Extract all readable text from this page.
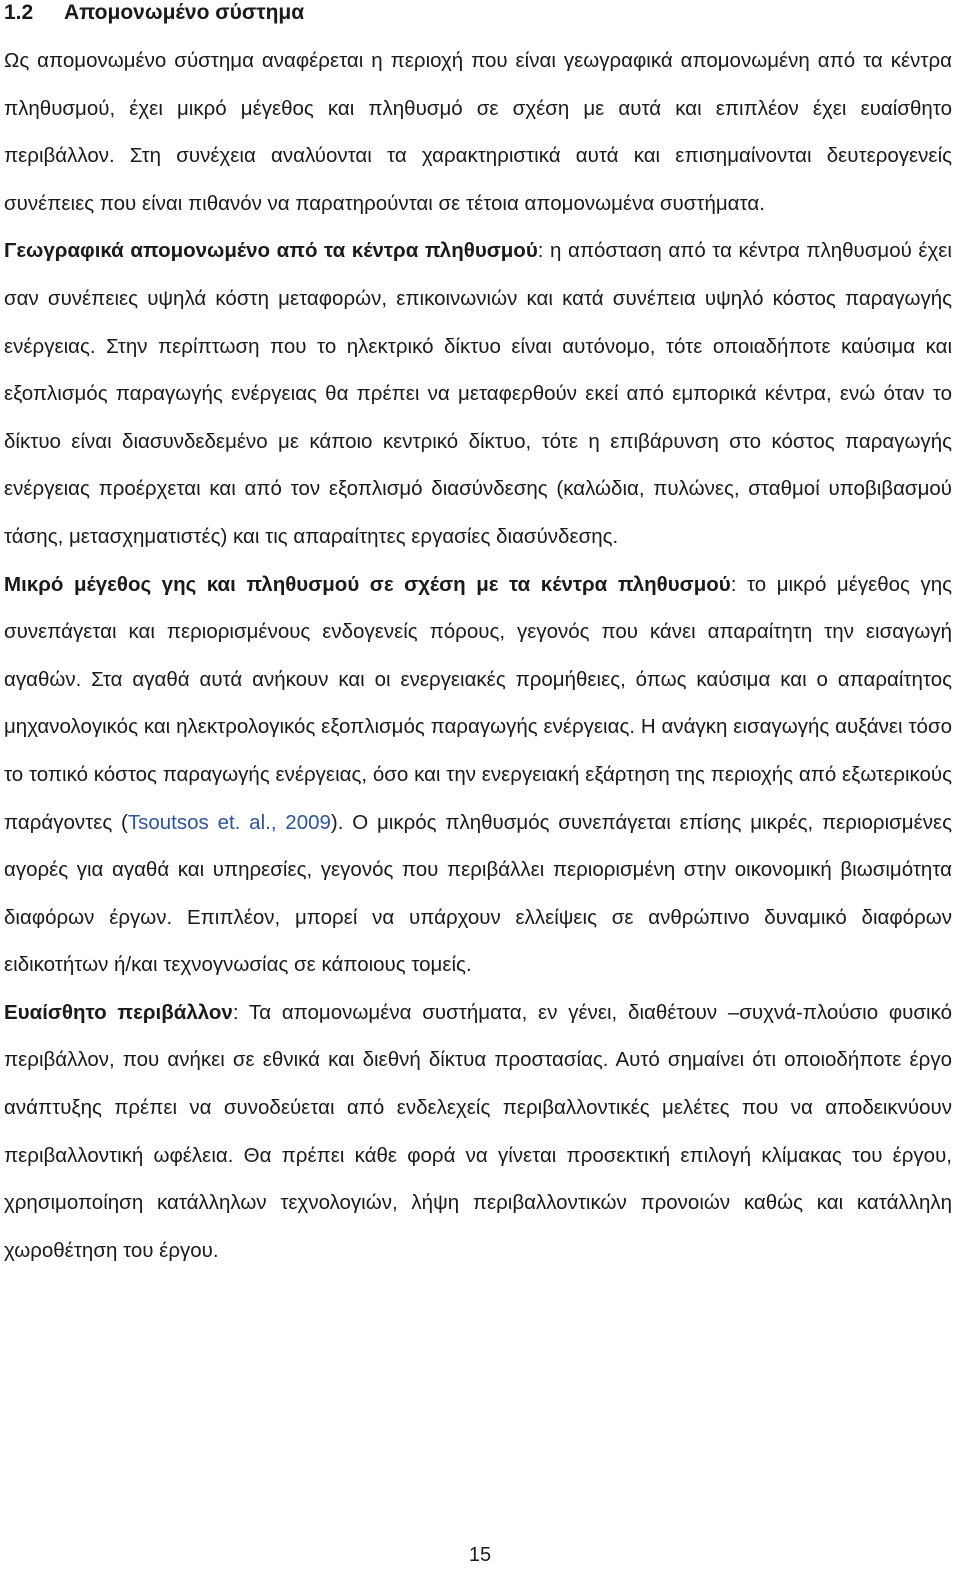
1.2 Απομονωμένο σύστημα

Ως απομονωμένο σύστημα αναφέρεται η περιοχή που είναι γεωγραφικά απομονωμένη από τα κέντρα πληθυσμού, έχει μικρό μέγεθος και πληθυσμό σε σχέση με αυτά και επιπλέον έχει ευαίσθητο περιβάλλον. Στη συνέχεια αναλύονται τα χαρακτηριστικά αυτά και επισημαίνονται δευτερογενείς συνέπειες που είναι πιθανόν να παρατηρούνται σε τέτοια απομονωμένα συστήματα.

Γεωγραφικά απομονωμένο από τα κέντρα πληθυσμού: η απόσταση από τα κέντρα πληθυσμού έχει σαν συνέπειες υψηλά κόστη μεταφορών, επικοινωνιών και κατά συνέπεια υψηλό κόστος παραγωγής ενέργειας. Στην περίπτωση που το ηλεκτρικό δίκτυο είναι αυτόνομο, τότε οποιαδήποτε καύσιμα και εξοπλισμός παραγωγής ενέργειας θα πρέπει να μεταφερθούν εκεί από εμπορικά κέντρα, ενώ όταν το δίκτυο είναι διασυνδεδεμένο με κάποιο κεντρικό δίκτυο, τότε η επιβάρυνση στο κόστος παραγωγής ενέργειας προέρχεται και από τον εξοπλισμό διασύνδεσης (καλώδια, πυλώνες, σταθμοί υποβιβασμού τάσης, μετασχηματιστές) και τις απαραίτητες εργασίες διασύνδεσης.

Μικρό μέγεθος γης και πληθυσμού σε σχέση με τα κέντρα πληθυσμού: το μικρό μέγεθος γης συνεπάγεται και περιορισμένους ενδογενείς πόρους, γεγονός που κάνει απαραίτητη την εισαγωγή αγαθών. Στα αγαθά αυτά ανήκουν και οι ενεργειακές προμήθειες, όπως καύσιμα και ο απαραίτητος μηχανολογικός και ηλεκτρολογικός εξοπλισμός παραγωγής ενέργειας. Η ανάγκη εισαγωγής αυξάνει τόσο το τοπικό κόστος παραγωγής ενέργειας, όσο και την ενεργειακή εξάρτηση της περιοχής από εξωτερικούς παράγοντες (Tsoutsos et. al., 2009). Ο μικρός πληθυσμός συνεπάγεται επίσης μικρές, περιορισμένες αγορές για αγαθά και υπηρεσίες, γεγονός που περιβάλλει περιορισμένη στην οικονομική βιωσιμότητα διαφόρων έργων. Επιπλέον, μπορεί να υπάρχουν ελλείψεις σε ανθρώπινο δυναμικό διαφόρων ειδικοτήτων ή/και τεχνογνωσίας σε κάποιους τομείς.

Ευαίσθητο περιβάλλον: Τα απομονωμένα συστήματα, εν γένει, διαθέτουν –συχνά-πλούσιο φυσικό περιβάλλον, που ανήκει σε εθνικά και διεθνή δίκτυα προστασίας. Αυτό σημαίνει ότι οποιοδήποτε έργο ανάπτυξης πρέπει να συνοδεύεται από ενδελεχείς περιβαλλοντικές μελέτες που να αποδεικνύουν περιβαλλοντική ωφέλεια. Θα πρέπει κάθε φορά να γίνεται προσεκτική επιλογή κλίμακας του έργου, χρησιμοποίηση κατάλληλων τεχνολογιών, λήψη περιβαλλοντικών προνοιών καθώς και κατάλληλη χωροθέτηση του έργου.

15
